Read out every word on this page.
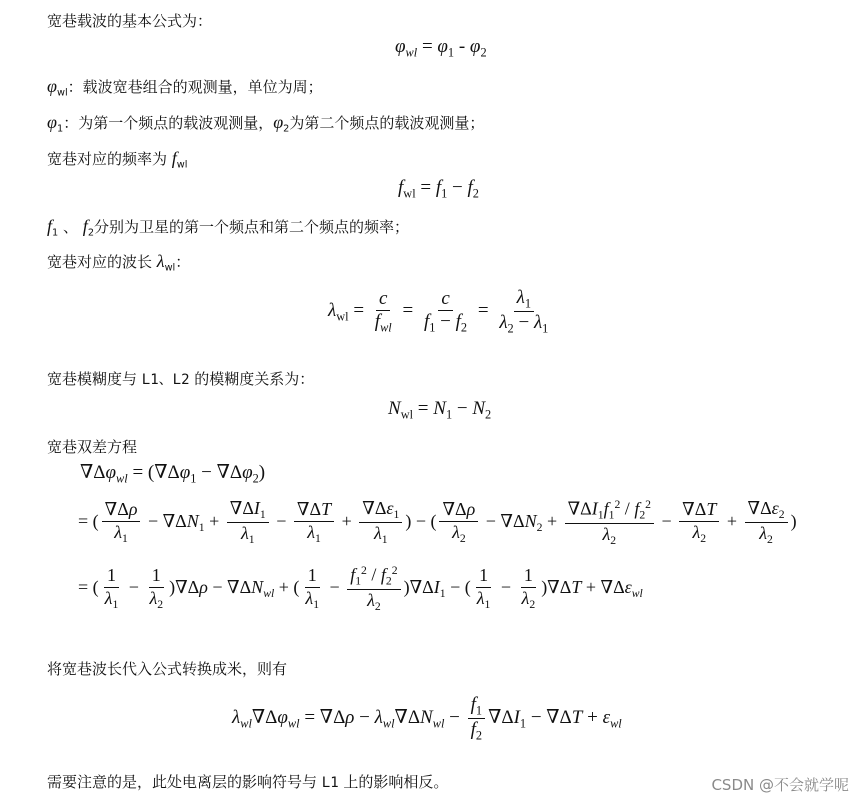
宽巷载波的基本公式为：
$\varphi_{wl} = \varphi_1 - \varphi_2$
$\varphi_{wl}$：载波宽巷组合的观测量，单位为周；
$\varphi_1$：为第一个频点的载波观测量，$\varphi_2$为第二个频点的载波观测量；
宽巷对应的频率为 $f_{wl}$
$f_{wl} = f_1 - f_2$
$f_1$ 、 $f_2$分别为卫星的第一个频点和第二个频点的频率；
宽巷对应的波长 $\lambda_{wl}$：
$\lambda_{wl} = \frac{c}{f_{wl}} = \frac{c}{f_1 - f_2} = \frac{\lambda_1}{\lambda_2 - \lambda_1}$
宽巷模糊度与 L1、L2 的模糊度关系为：
$N_{wl} = N_1 - N_2$
宽巷双差方程
$\nabla\Delta\varphi_{wl} = (\nabla\Delta\varphi_1 - \nabla\Delta\varphi_2)$
= ( $\frac{\nabla\Delta\rho}{\lambda_1} - \nabla\Delta N_1 + \frac{\nabla\Delta I_1}{\lambda_1} - \frac{\nabla\Delta T}{\lambda_1} + \frac{\nabla\Delta\varepsilon_1}{\lambda_1}$ ) − ( $\frac{\nabla\Delta\rho}{\lambda_2} - \nabla\Delta N_2 + \frac{\nabla\Delta I_1f_1^2 / f_2^2}{\lambda_2} - \frac{\nabla\Delta T}{\lambda_2} + \frac{\nabla\Delta\varepsilon_2}{\lambda_2}$ )
= ( $\frac{1}{\lambda_1} - \frac{1}{\lambda_2} )\nabla\Delta\rho - \nabla\Delta N_{wl}$ + ( $\frac{1}{\lambda_1} - \frac{f_1^2 / f_2^2}{\lambda_2} )\nabla\Delta I_1$ − ( $\frac{1}{\lambda_1} - \frac{1}{\lambda_2} )\nabla\Delta T + \nabla\Delta\varepsilon_{wl}$
将宽巷波长代入公式转换成米，则有
$\lambda_{wl}\nabla\Delta\varphi_{wl} = \nabla\Delta\rho - \lambda_{wl}\nabla\Delta N_{wl} - \frac{f_1}{f_2} \nabla\Delta I_1 - \nabla\Delta T + \varepsilon_{wl}$
需要注意的是，此处电离层的影响符号与 L1 上的影响相反。	CSDN @不会就学呢
